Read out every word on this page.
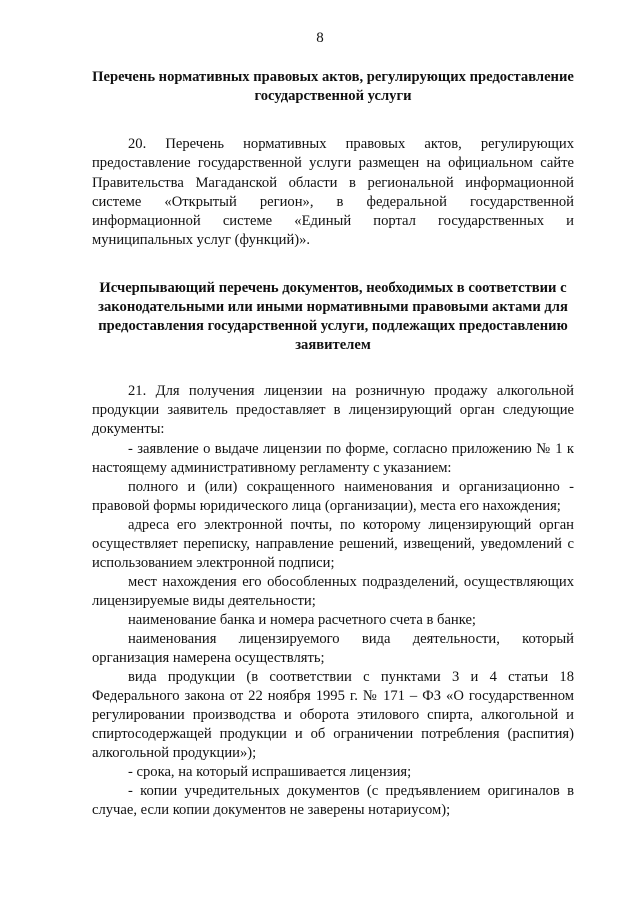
8

Перечень нормативных правовых актов, регулирующих предоставление государственной услуги

20. Перечень нормативных правовых актов, регулирующих предоставление государственной услуги размещен на официальном сайте Правительства Магаданской области в региональной информационной системе «Открытый регион», в федеральной государственной информационной системе «Единый портал государственных и муниципальных услуг (функций)».

Исчерпывающий перечень документов, необходимых в соответствии с законодательными или иными нормативными правовыми актами для предоставления государственной услуги, подлежащих предоставлению заявителем

21. Для получения лицензии на розничную продажу алкогольной продукции заявитель предоставляет в лицензирующий орган следующие документы:

- заявление о выдаче лицензии по форме, согласно приложению № 1 к настоящему административному регламенту с указанием:

полного и (или) сокращенного наименования и организационно - правовой формы юридического лица (организации), места его нахождения;

адреса его электронной почты, по которому лицензирующий орган осуществляет переписку, направление решений, извещений, уведомлений с использованием электронной подписи;

мест нахождения его обособленных подразделений, осуществляющих лицензируемые виды деятельности;

наименование банка и номера расчетного счета в банке;

наименования лицензируемого вида деятельности, который организация намерена осуществлять;

вида продукции (в соответствии с пунктами 3 и 4 статьи 18 Федерального закона от 22 ноября 1995 г. № 171 – ФЗ «О государственном регулировании производства и оборота этилового спирта, алкогольной и спиртосодержащей продукции и об ограничении потребления (распития) алкогольной продукции»);

- срока, на который испрашивается лицензия;

- копии учредительных документов (с предъявлением оригиналов в случае, если копии документов не заверены нотариусом);
